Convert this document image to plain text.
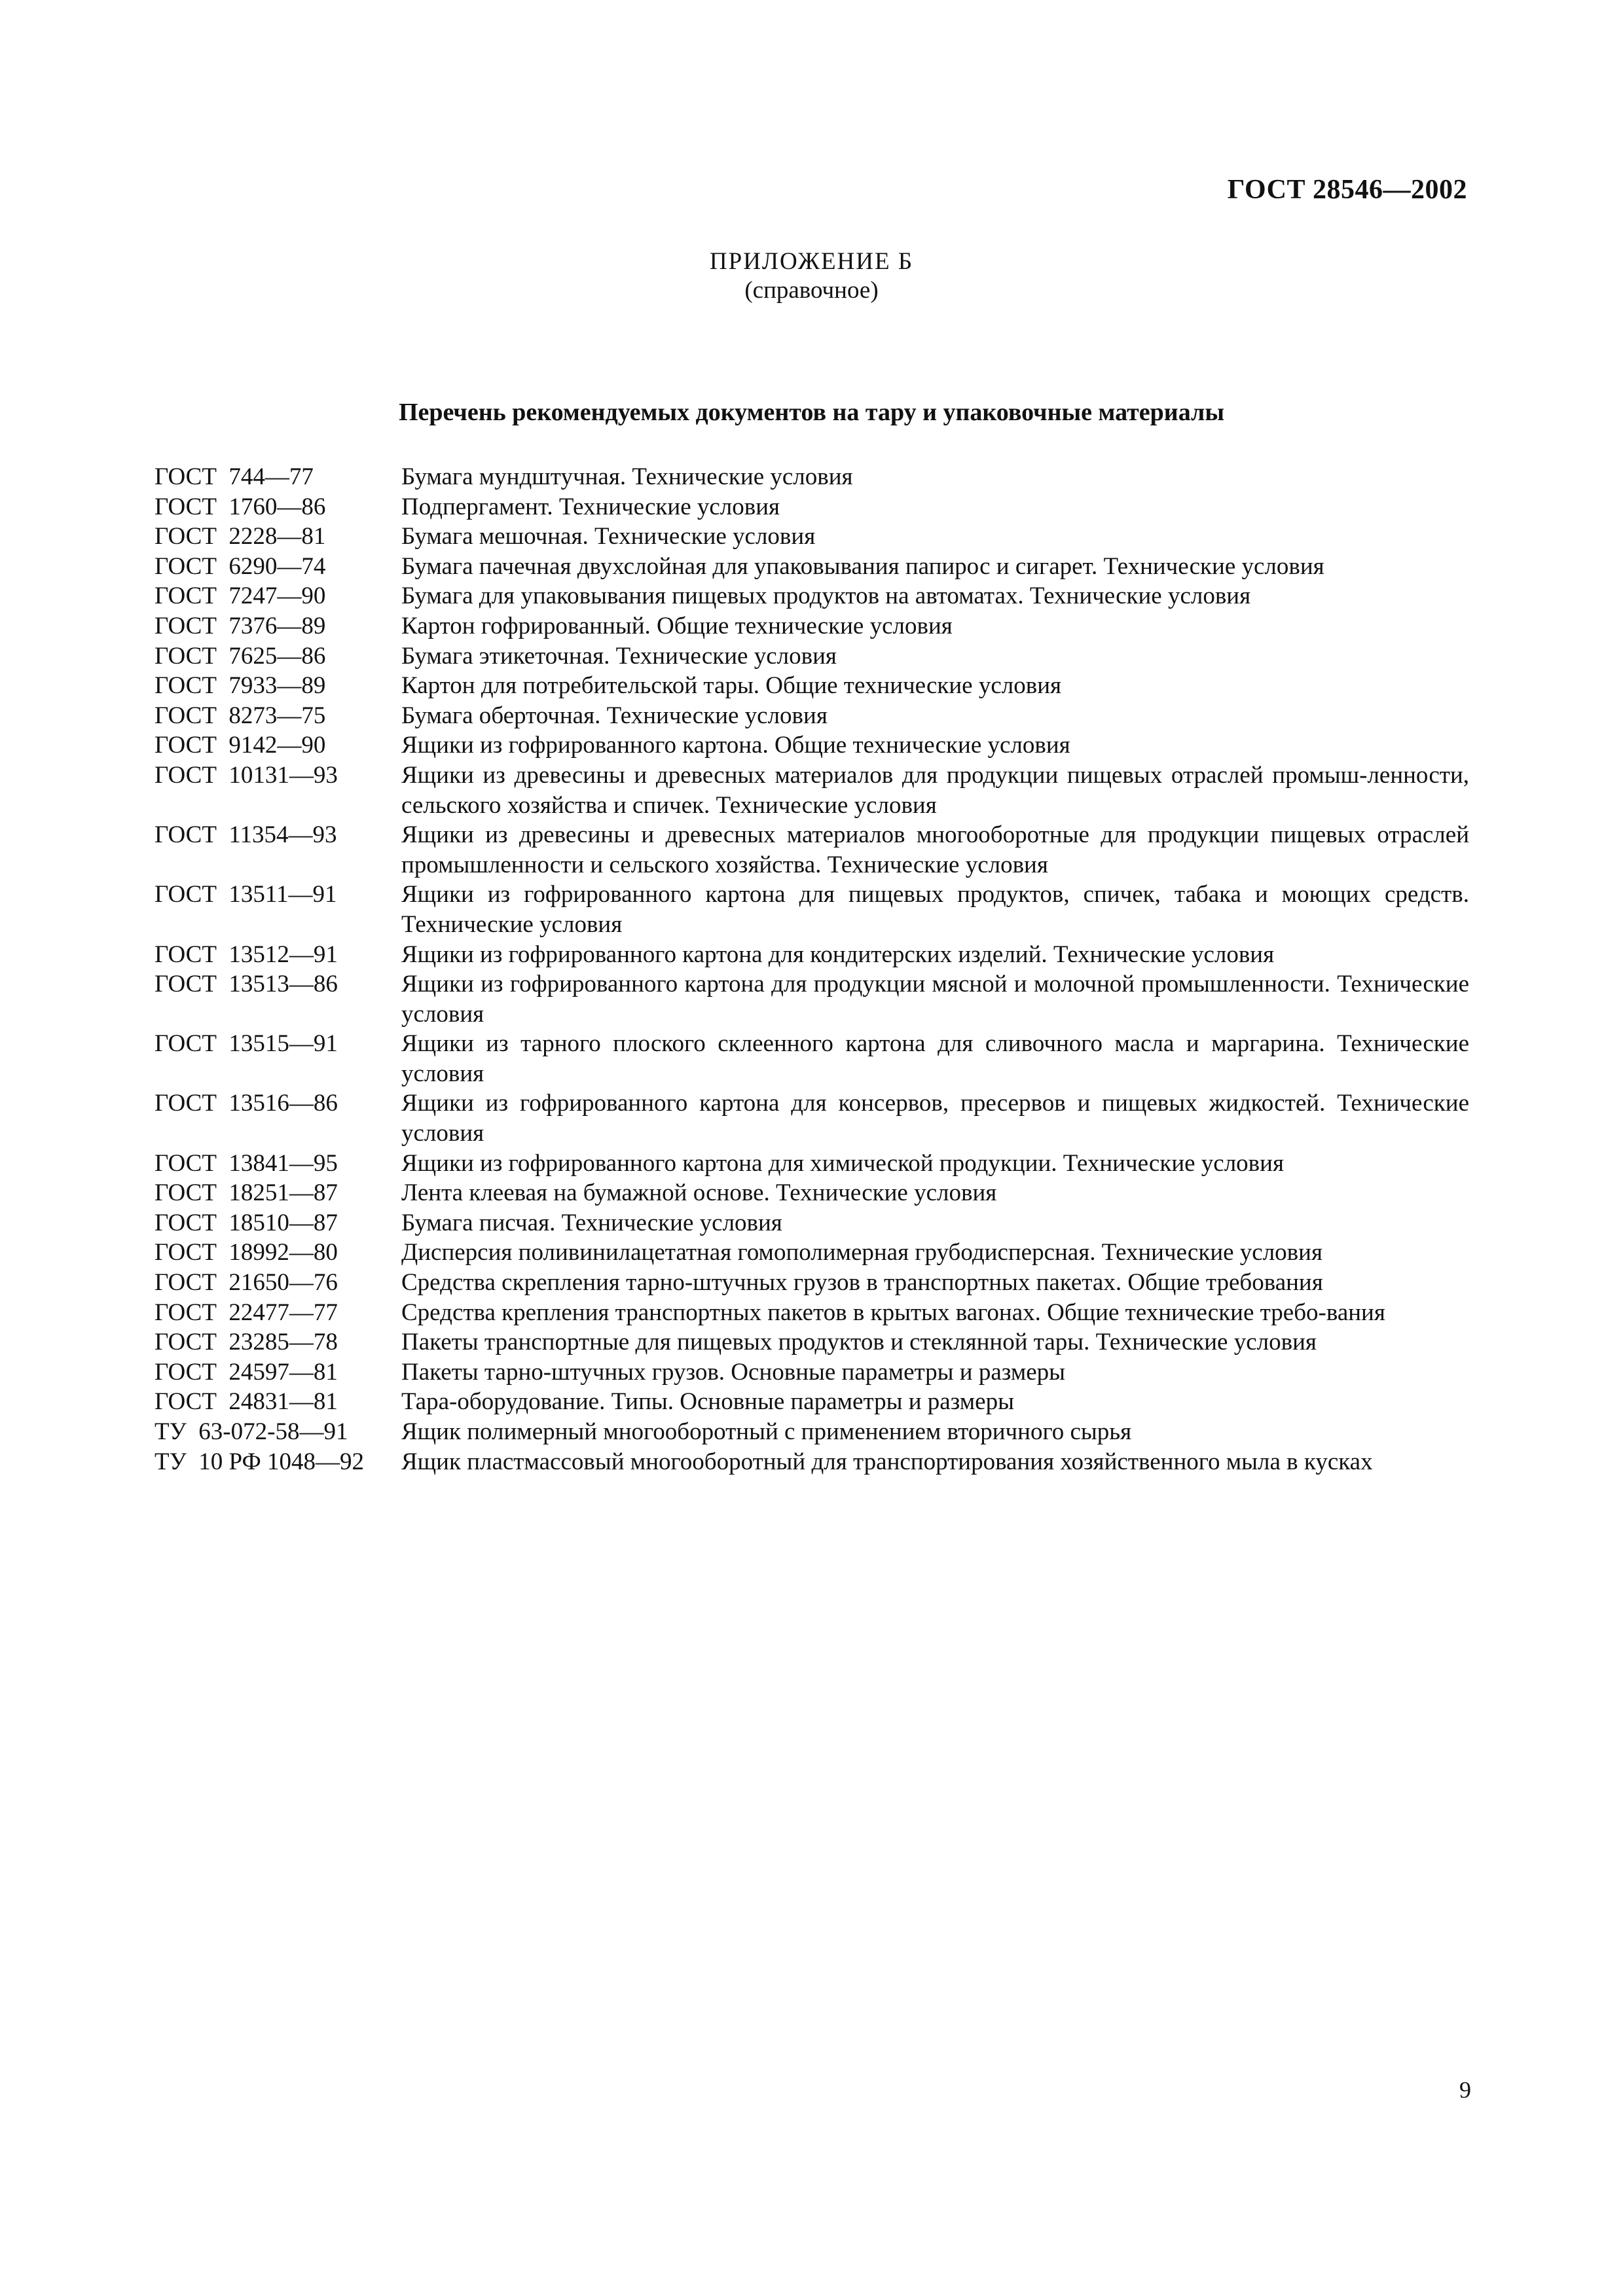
ГОСТ 28546—2002
ПРИЛОЖЕНИЕ Б
(справочное)
Перечень рекомендуемых документов на тару и упаковочные материалы
ГОСТ  744—77	Бумага мундштучная. Технические условия
ГОСТ  1760—86	Подпергамент. Технические условия
ГОСТ  2228—81	Бумага мешочная. Технические условия
ГОСТ  6290—74	Бумага пачечная двухслойная для упаковывания папирос и сигарет. Технические условия
ГОСТ  7247—90	Бумага для упаковывания пищевых продуктов на автоматах. Технические условия
ГОСТ  7376—89	Картон гофрированный. Общие технические условия
ГОСТ  7625—86	Бумага этикеточная. Технические условия
ГОСТ  7933—89	Картон для потребительской тары. Общие технические условия
ГОСТ  8273—75	Бумага оберточная. Технические условия
ГОСТ  9142—90	Ящики из гофрированного картона. Общие технические условия
ГОСТ  10131—93	Ящики из древесины и древесных материалов для продукции пищевых отраслей промыш-ленности, сельского хозяйства и спичек. Технические условия
ГОСТ  11354—93	Ящики из древесины и древесных материалов многооборотные для продукции пищевых отраслей промышленности и сельского хозяйства. Технические условия
ГОСТ  13511—91	Ящики из гофрированного картона для пищевых продуктов, спичек, табака и моющих средств. Технические условия
ГОСТ  13512—91	Ящики из гофрированного картона для кондитерских изделий. Технические условия
ГОСТ  13513—86	Ящики из гофрированного картона для продукции мясной и молочной промышленности. Технические условия
ГОСТ  13515—91	Ящики из тарного плоского склеенного картона для сливочного масла и маргарина. Технические условия
ГОСТ  13516—86	Ящики из гофрированного картона для консервов, пресервов и пищевых жидкостей. Технические условия
ГОСТ  13841—95	Ящики из гофрированного картона для химической продукции. Технические условия
ГОСТ  18251—87	Лента клеевая на бумажной основе. Технические условия
ГОСТ  18510—87	Бумага писчая. Технические условия
ГОСТ  18992—80	Дисперсия поливинилацетатная гомополимерная грубодисперсная. Технические условия
ГОСТ  21650—76	Средства скрепления тарно-штучных грузов в транспортных пакетах. Общие требования
ГОСТ  22477—77	Средства крепления транспортных пакетов в крытых вагонах. Общие технические требо-вания
ГОСТ  23285—78	Пакеты транспортные для пищевых продуктов и стеклянной тары. Технические условия
ГОСТ  24597—81	Пакеты тарно-штучных грузов. Основные параметры и размеры
ГОСТ  24831—81	Тара-оборудование. Типы. Основные параметры и размеры
ТУ  63-072-58—91	Ящик полимерный многооборотный с применением вторичного сырья
ТУ  10 РФ 1048—92	Ящик пластмассовый многооборотный для транспортирования хозяйственного мыла в кусках
9
